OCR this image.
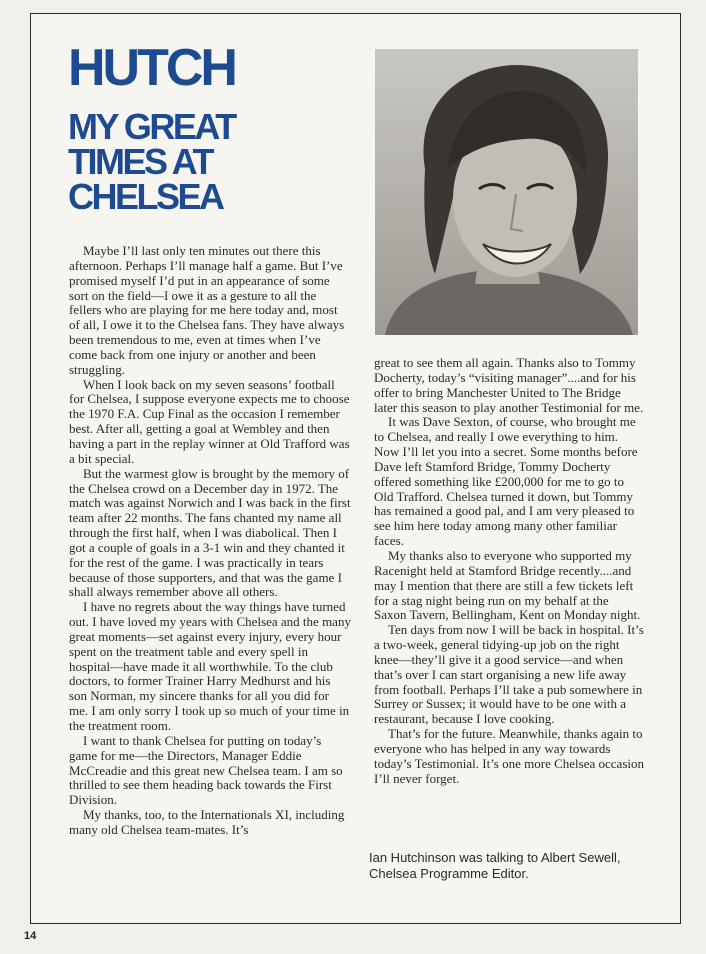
HUTCH
MY GREAT TIMES AT CHELSEA

Maybe I’ll last only ten minutes out there this afternoon. Perhaps I’ll manage half a game. But I’ve promised myself I’d put in an appearance of some sort on the field—I owe it as a gesture to all the fellers who are playing for me here today and, most of all, I owe it to the Chelsea fans. They have always been tremendous to me, even at times when I’ve come back from one injury or another and been struggling.

When I look back on my seven seasons’ football for Chelsea, I suppose everyone expects me to choose the 1970 F.A. Cup Final as the occasion I remember best. After all, getting a goal at Wembley and then having a part in the replay winner at Old Trafford was a bit special.

But the warmest glow is brought by the memory of the Chelsea crowd on a December day in 1972. The match was against Norwich and I was back in the first team after 22 months. The fans chanted my name all through the first half, when I was diabolical. Then I got a couple of goals in a 3-1 win and they chanted it for the rest of the game. I was practically in tears because of those supporters, and that was the game I shall always remember above all others.

I have no regrets about the way things have turned out. I have loved my years with Chelsea and the many great moments—set against every injury, every hour spent on the treatment table and every spell in hospital—have made it all worthwhile. To the club doctors, to former Trainer Harry Medhurst and his son Norman, my sincere thanks for all you did for me. I am only sorry I took up so much of your time in the treatment room.

I want to thank Chelsea for putting on today’s game for me—the Directors, Manager Eddie McCreadie and this great new Chelsea team. I am so thrilled to see them heading back towards the First Division.

My thanks, too, to the Internationals XI, including many old Chelsea team-mates. It’s

great to see them all again. Thanks also to Tommy Docherty, today’s “visiting manager”....and for his offer to bring Manchester United to The Bridge later this season to play another Testimonial for me.

It was Dave Sexton, of course, who brought me to Chelsea, and really I owe everything to him. Now I’ll let you into a secret. Some months before Dave left Stamford Bridge, Tommy Docherty offered something like £200,000 for me to go to Old Trafford. Chelsea turned it down, but Tommy has remained a good pal, and I am very pleased to see him here today among many other familiar faces.

My thanks also to everyone who supported my Racenight held at Stamford Bridge recently....and may I mention that there are still a few tickets left for a stag night being run on my behalf at the Saxon Tavern, Bellingham, Kent on Monday night.

Ten days from now I will be back in hospital. It’s a two-week, general tidying-up job on the right knee—they’ll give it a good service—and when that’s over I can start organising a new life away from football. Perhaps I’ll take a pub somewhere in Surrey or Sussex; it would have to be one with a restaurant, because I love cooking.

That’s for the future. Meanwhile, thanks again to everyone who has helped in any way towards today’s Testimonial. It’s one more Chelsea occasion I’ll never forget.

Ian Hutchinson was talking to Albert Sewell, Chelsea Programme Editor.

14
